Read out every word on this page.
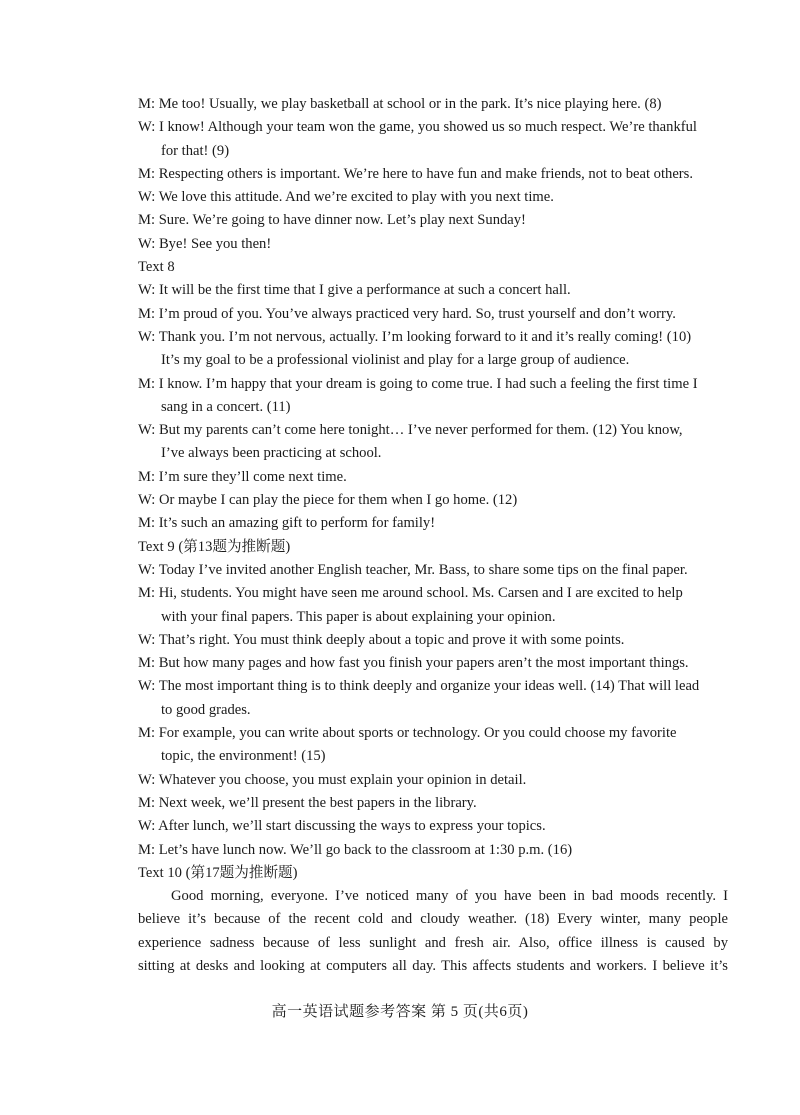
M: Me too! Usually, we play basketball at school or in the park. It’s nice playing here. (8)

W: I know! Although your team won the game, you showed us so much respect. We’re thankful

for that! (9)

M: Respecting others is important. We’re here to have fun and make friends, not to beat others.

W: We love this attitude. And we’re excited to play with you next time.

M: Sure. We’re going to have dinner now. Let’s play next Sunday!

W: Bye! See you then!

Text 8

W: It will be the first time that I give a performance at such a concert hall.

M: I’m proud of you. You’ve always practiced very hard. So, trust yourself and don’t worry.

W: Thank you. I’m not nervous, actually. I’m looking forward to it and it’s really coming! (10)

It’s my goal to be a professional violinist and play for a large group of audience.

M: I know. I’m happy that your dream is going to come true. I had such a feeling the first time I

sang in a concert. (11)

W: But my parents can’t come here tonight… I’ve never performed for them. (12) You know,

I’ve always been practicing at school.

M: I’m sure they’ll come next time.

W: Or maybe I can play the piece for them when I go home. (12)

M: It’s such an amazing gift to perform for family!

Text 9 (第13题为推断题)

W: Today I’ve invited another English teacher, Mr. Bass, to share some tips on the final paper.

M: Hi, students. You might have seen me around school. Ms. Carsen and I are excited to help

with your final papers. This paper is about explaining your opinion.

W: That’s right. You must think deeply about a topic and prove it with some points.

M: But how many pages and how fast you finish your papers aren’t the most important things.

W: The most important thing is to think deeply and organize your ideas well. (14) That will lead

to good grades.

M: For example, you can write about sports or technology. Or you could choose my favorite

topic, the environment! (15)

W: Whatever you choose, you must explain your opinion in detail.

M: Next week, we’ll present the best papers in the library.

W: After lunch, we’ll start discussing the ways to express your topics.

M: Let’s have lunch now. We’ll go back to the classroom at 1:30 p.m. (16)

Text 10 (第17题为推断题)

Good morning, everyone. I’ve noticed many of you have been in bad moods recently. I

believe it’s because of the recent cold and cloudy weather. (18) Every winter, many people

experience sadness because of less sunlight and fresh air. Also, office illness is caused by

sitting at desks and looking at computers all day. This affects students and workers. I believe it’s

高一英语试题参考答案 第 5 页(共6页)
